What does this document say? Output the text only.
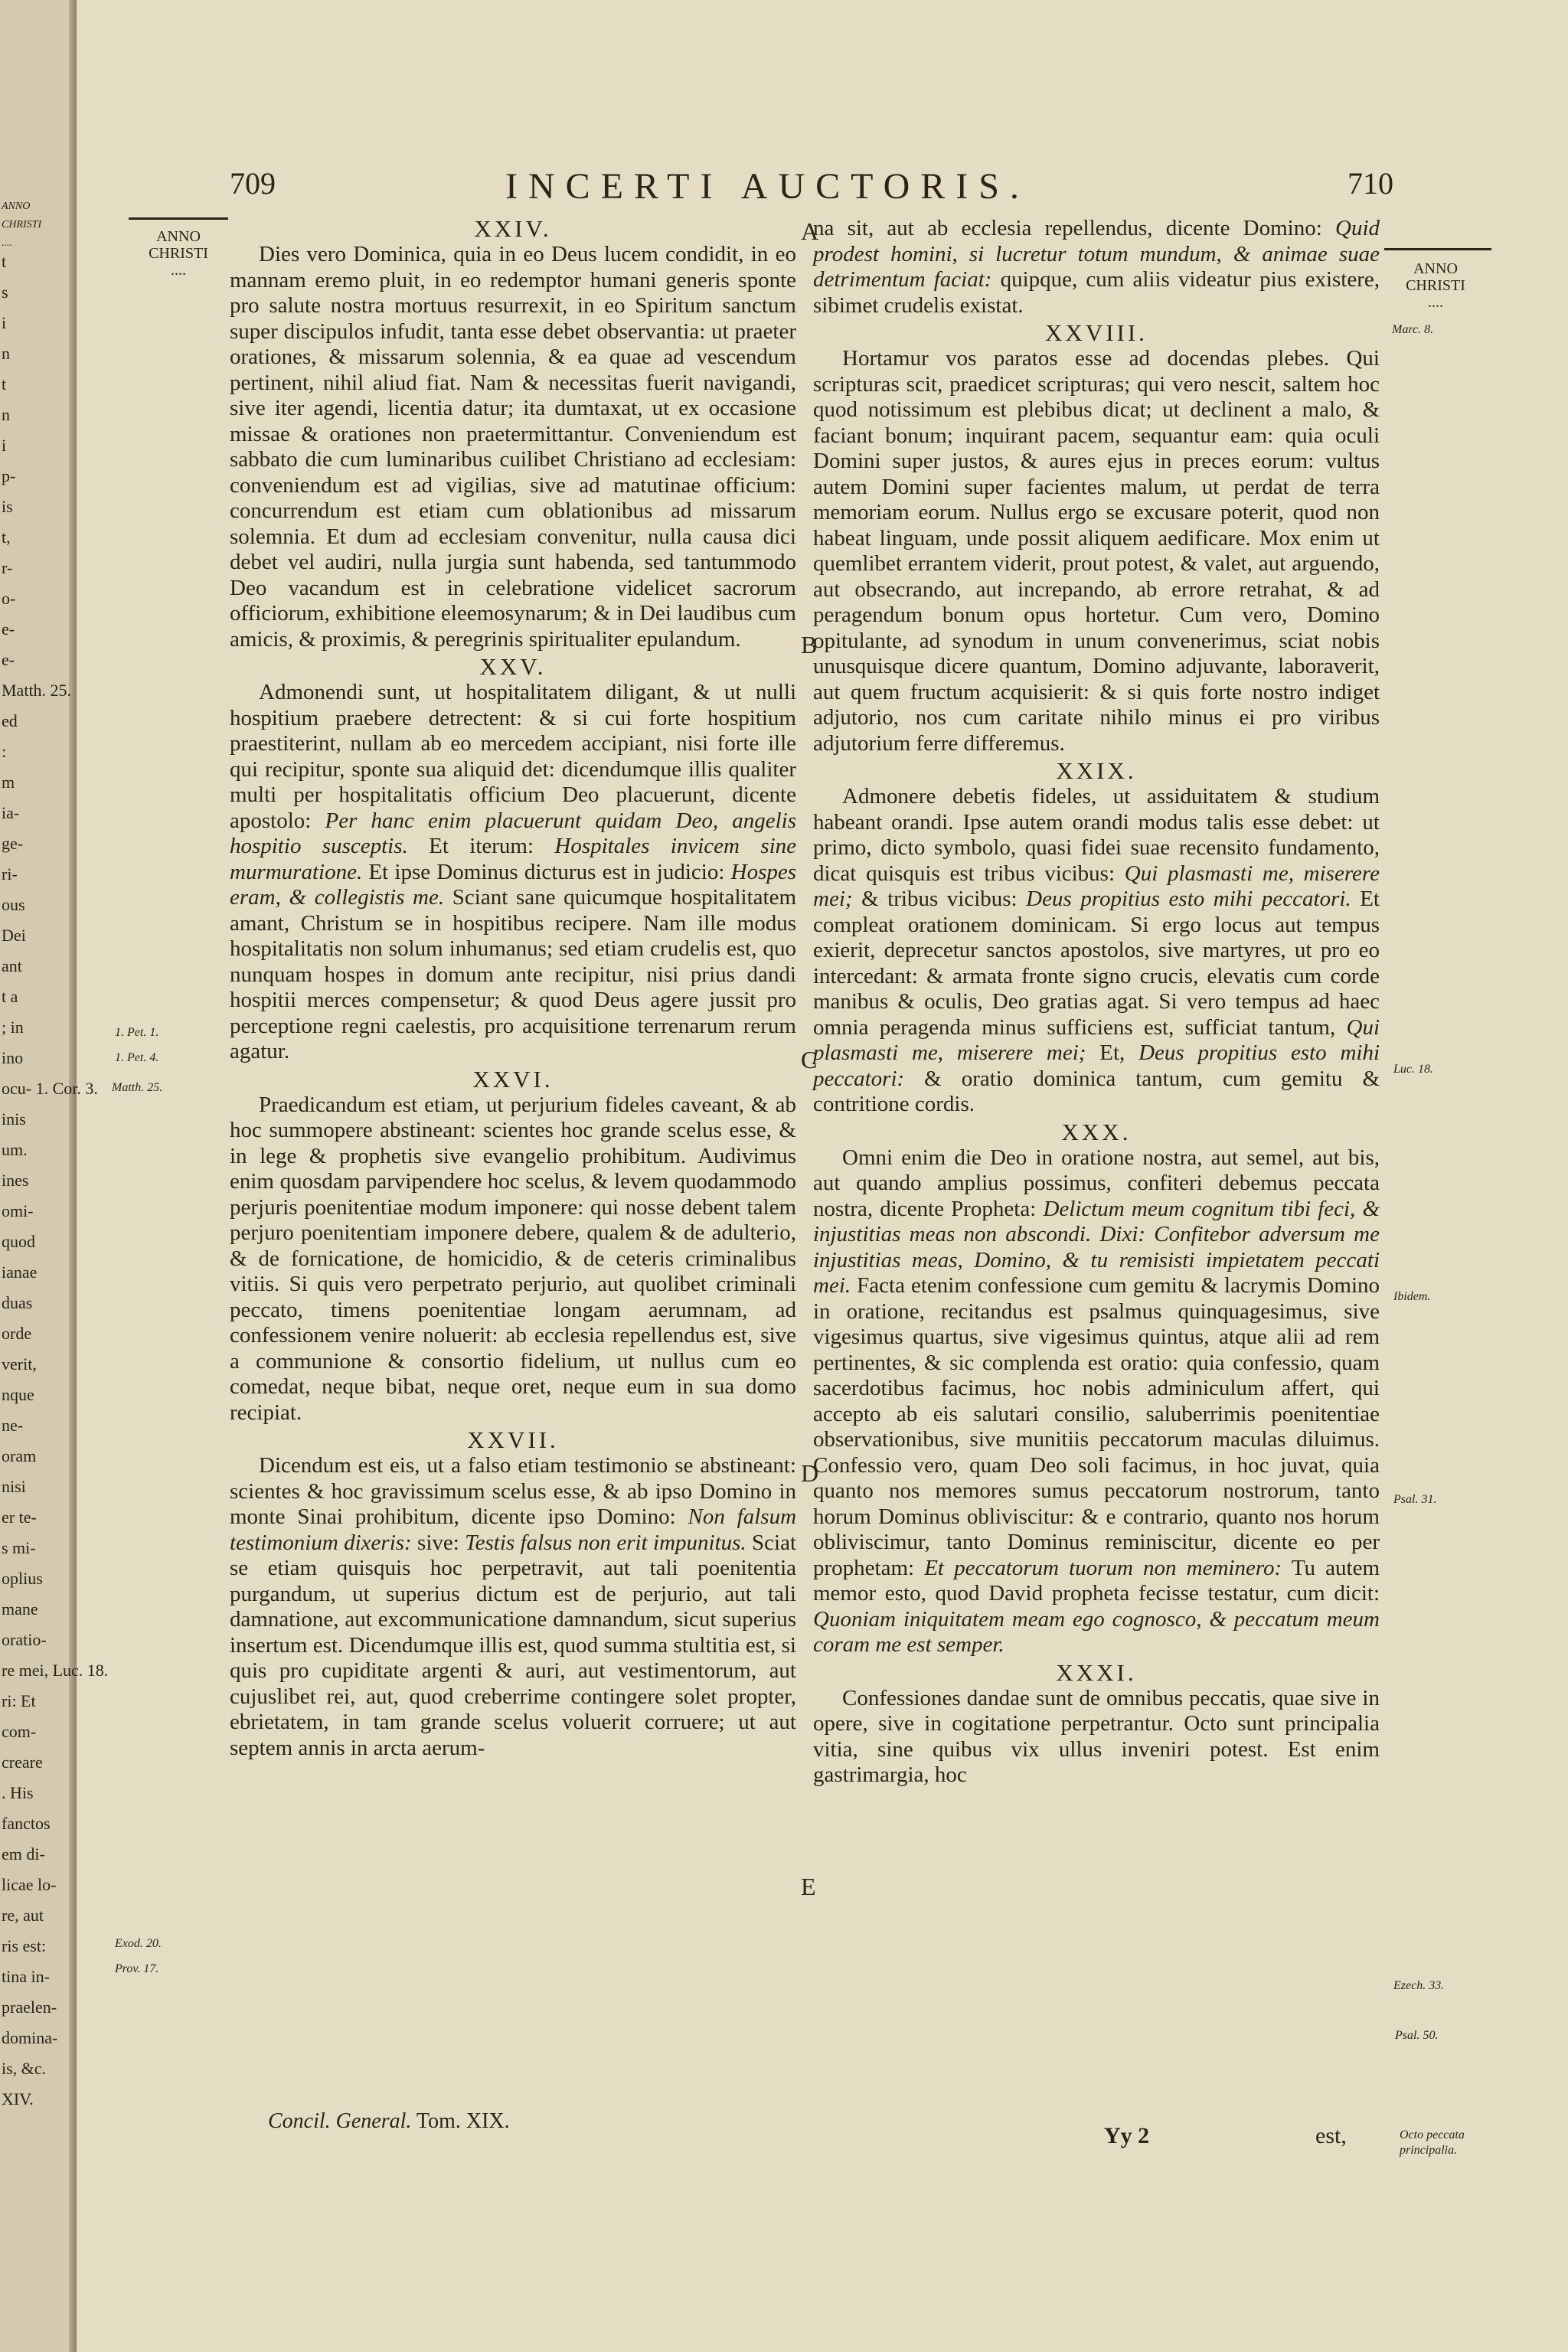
ANNO
CHRISTI
....
t
s
i
n
t
n
i
p-
is
t,
r-
o-
e-
e-
Matth. 25.
ed
:
m
ia-
ge-
ri-
ous
Dei
ant
t a
; in
ino
ocu- 1. Cor. 3.
inis
um.
ines
omi-
quod
ianae
duas
orde
verit,
nque
ne-
oram
nisi
er te-
s mi-
oplius
mane
oratio-
re mei, Luc. 18.
ri: Et
com-
creare
. His
fanctos
em di-
licae lo-
re, aut
ris est:
tina in-
praelen-
domina-
is, &c.
XIV.
709	INCERTI AUCTORIS.	710
ANNO
CHRISTI
....	ANNO
CHRISTI
....
XXIV.

Dies vero Dominica, quia in eo Deus lucem condidit, in eo mannam eremo pluit, in eo redemptor humani generis sponte pro salute nostra mortuus resurrexit, in eo Spiritum sanctum super discipulos infudit, tanta esse debet observantia: ut praeter orationes, & missarum solennia, & ea quae ad vescendum pertinent, nihil aliud fiat. Nam & necessitas fuerit navigandi, sive iter agendi, licentia datur; ita dumtaxat, ut ex occasione missae & orationes non praetermittantur. Conveniendum est sabbato die cum luminaribus cuilibet Christiano ad ecclesiam: conveniendum est ad vigilias, sive ad matutinae officium: concurrendum est etiam cum oblationibus ad missarum solemnia. Et dum ad ecclesiam convenitur, nulla causa dici debet vel audiri, nulla jurgia sunt habenda, sed tantummodo Deo vacandum est in celebratione videlicet sacrorum officiorum, exhibitione eleemosynarum; & in Dei laudibus cum amicis, & proximis, & peregrinis spiritualiter epulandum.

XXV.

Admonendi sunt, ut hospitalitatem diligant, & ut nulli hospitium praebere detrectent: & si cui forte hospitium praestiterint, nullam ab eo mercedem accipiant, nisi forte ille qui recipitur, sponte sua aliquid det: dicendumque illis qualiter multi per hospitalitatis officium Deo placuerunt, dicente apostolo: Per hanc enim placuerunt quidam Deo, angelis hospitio susceptis. Et iterum: Hospitales invicem sine murmuratione. Et ipse Dominus dicturus est in judicio: Hospes eram, & collegistis me. Sciant sane quicumque hospitalitatem amant, Christum se in hospitibus recipere. Nam ille modus hospitalitatis non solum inhumanus; sed etiam crudelis est, quo nunquam hospes in domum ante recipitur, nisi prius dandi hospitii merces compensetur; & quod Deus agere jussit pro perceptione regni caelestis, pro acquisitione terrenarum rerum agatur.

XXVI.

Praedicandum est etiam, ut perjurium fideles caveant, & ab hoc summopere abstineant: scientes hoc grande scelus esse, & in lege & prophetis sive evangelio prohibitum. Audivimus enim quosdam parvipendere hoc scelus, & levem quodammodo perjuris poenitentiae modum imponere: qui nosse debent talem perjuro poenitentiam imponere debere, qualem & de adulterio, & de fornicatione, de homicidio, & de ceteris criminalibus vitiis. Si quis vero perpetrato perjurio, aut quolibet criminali peccato, timens poenitentiae longam aerumnam, ad confessionem venire noluerit: ab ecclesia repellendus est, sive a communione & consortio fidelium, ut nullus cum eo comedat, neque bibat, neque oret, neque eum in sua domo recipiat.

XXVII.

Dicendum est eis, ut a falso etiam testimonio se abstineant: scientes & hoc gravissimum scelus esse, & ab ipso Domino in monte Sinai prohibitum, dicente ipso Domino: Non falsum testimonium dixeris: sive: Testis falsus non erit impunitus. Sciat se etiam quisquis hoc perpetravit, aut tali poenitentia purgandum, ut superius dictum est de perjurio, aut tali damnatione, aut excommunicatione damnandum, sicut superius insertum est. Dicendumque illis est, quod summa stultitia est, si quis pro cupiditate argenti & auri, aut vestimentorum, aut cujuslibet rei, aut, quod creberrime contingere solet propter, ebrietatem, in tam grande scelus voluerit corruere; ut aut septem annis in arcta aerum-

na sit, aut ab ecclesia repellendus, dicente Domino: Quid prodest homini, si lucretur totum mundum, & animae suae detrimentum faciat: quipque, cum aliis videatur pius existere, sibimet crudelis existat.

XXVIII.

Hortamur vos paratos esse ad docendas plebes. Qui scripturas scit, praedicet scripturas; qui vero nescit, saltem hoc quod notissimum est plebibus dicat; ut declinent a malo, & faciant bonum; inquirant pacem, sequantur eam: quia oculi Domini super justos, & aures ejus in preces eorum: vultus autem Domini super facientes malum, ut perdat de terra memoriam eorum. Nullus ergo se excusare poterit, quod non habeat linguam, unde possit aliquem aedificare. Mox enim ut quemlibet errantem viderit, prout potest, & valet, aut arguendo, aut obsecrando, aut increpando, ab errore retrahat, & ad peragendum bonum opus hortetur. Cum vero, Domino opitulante, ad synodum in unum convenerimus, sciat nobis unusquisque dicere quantum, Domino adjuvante, laboraverit, aut quem fructum acquisierit: & si quis forte nostro indiget adjutorio, nos cum caritate nihilo minus ei pro viribus adjutorium ferre differemus.

XXIX.

Admonere debetis fideles, ut assiduitatem & studium habeant orandi. Ipse autem orandi modus talis esse debet: ut primo, dicto symbolo, quasi fidei suae recensito fundamento, dicat quisquis est tribus vicibus: Qui plasmasti me, miserere mei; & tribus vicibus: Deus propitius esto mihi peccatori. Et compleat orationem dominicam. Si ergo locus aut tempus exierit, deprecetur sanctos apostolos, sive martyres, ut pro eo intercedant: & armata fronte signo crucis, elevatis cum corde manibus & oculis, Deo gratias agat. Si vero tempus ad haec omnia peragenda minus sufficiens est, sufficiat tantum, Qui plasmasti me, miserere mei; Et, Deus propitius esto mihi peccatori: & oratio dominica tantum, cum gemitu & contritione cordis.

XXX.

Omni enim die Deo in oratione nostra, aut semel, aut bis, aut quando amplius possimus, confiteri debemus peccata nostra, dicente Propheta: Delictum meum cognitum tibi feci, & injustitias meas non abscondi. Dixi: Confitebor adversum me injustitias meas, Domino, & tu remisisti impietatem peccati mei. Facta etenim confessione cum gemitu & lacrymis Domino in oratione, recitandus est psalmus quinquagesimus, sive vigesimus quartus, sive vigesimus quintus, atque alii ad rem pertinentes, & sic complenda est oratio: quia confessio, quam sacerdotibus facimus, hoc nobis adminiculum affert, qui accepto ab eis salutari consilio, saluberrimis poenitentiae observationibus, sive munitiis peccatorum maculas diluimus. Confessio vero, quam Deo soli facimus, in hoc juvat, quia quanto nos memores sumus peccatorum nostrorum, tanto horum Dominus obliviscitur: & e contrario, quanto nos horum obliviscimur, tanto Dominus reminiscitur, dicente eo per prophetam: Et peccatorum tuorum non meminero: Tu autem memor esto, quod David propheta fecisse testatur, cum dicit: Quoniam iniquitatem meam ego cognosco, & peccatum meum coram me est semper.

XXXI.

Confessiones dandae sunt de omnibus peccatis, quae sive in opere, sive in cogitatione perpetrantur. Octo sunt principalia vitia, sine quibus vix ullus inveniri potest. Est enim gastrimargia, hoc

1. Pet. 1.
1. Pet. 4.
Matth. 25.
Exod. 20.
Prov. 17.
Marc. 8.
Luc. 18.
Ibidem.
Psal. 31.
Ezech. 33.
Psal. 50.
Octo peccata
principalia.
A
B
C
D
E
Concil. General. Tom. XIX.
Yy 2	est,
